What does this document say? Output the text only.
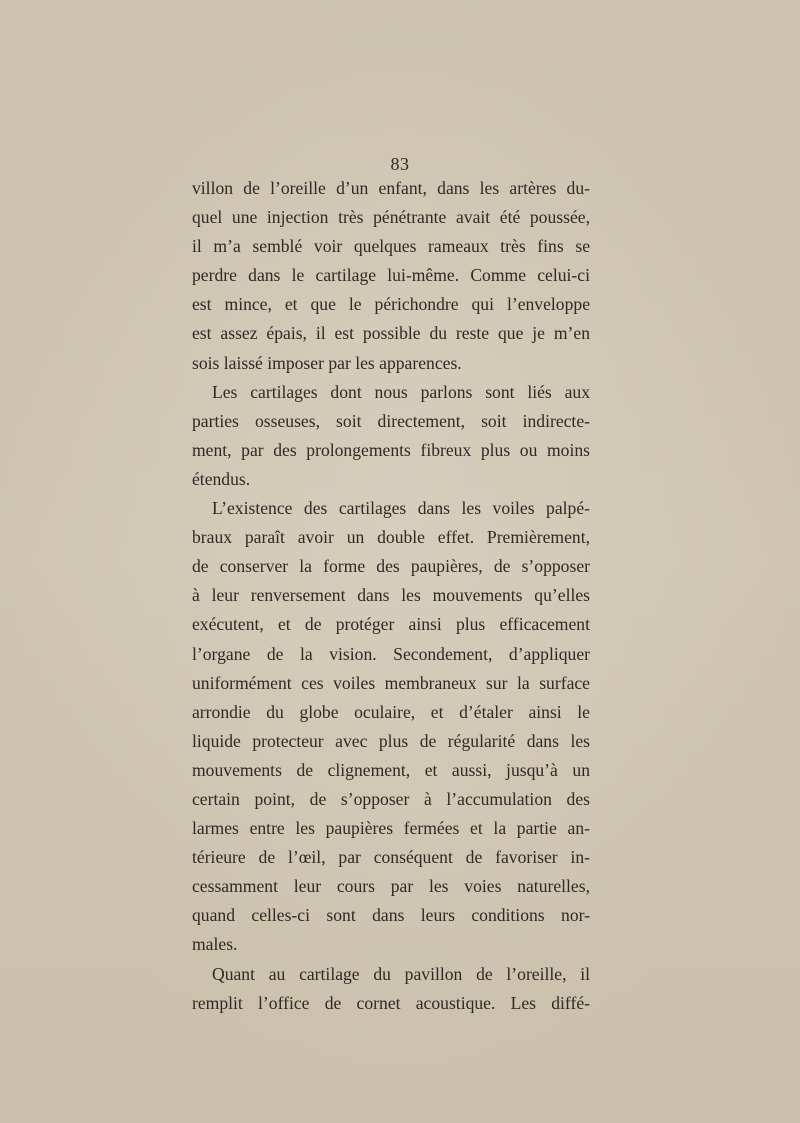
83
villon de l’oreille d’un enfant, dans les artères du-
quel une injection très pénétrante avait été poussée,
il m’a semblé voir quelques rameaux très fins se
perdre dans le cartilage lui-même. Comme celui-ci
est mince, et que le périchondre qui l’enveloppe
est assez épais, il est possible du reste que je m’en
sois laissé imposer par les apparences.
Les cartilages dont nous parlons sont liés aux
parties osseuses, soit directement, soit indirecte-
ment, par des prolongements fibreux plus ou moins
étendus.
L’existence des cartilages dans les voiles palpé-
braux paraît avoir un double effet. Premièrement,
de conserver la forme des paupières, de s’opposer
à leur renversement dans les mouvements qu’elles
exécutent, et de protéger ainsi plus efficacement
l’organe de la vision. Secondement, d’appliquer
uniformément ces voiles membraneux sur la surface
arrondie du globe oculaire, et d’étaler ainsi le
liquide protecteur avec plus de régularité dans les
mouvements de clignement, et aussi, jusqu’à un
certain point, de s’opposer à l’accumulation des
larmes entre les paupières fermées et la partie an-
térieure de l’œil, par conséquent de favoriser in-
cessamment leur cours par les voies naturelles,
quand celles-ci sont dans leurs conditions nor-
males.
Quant au cartilage du pavillon de l’oreille, il
remplit l’office de cornet acoustique. Les diffé-
